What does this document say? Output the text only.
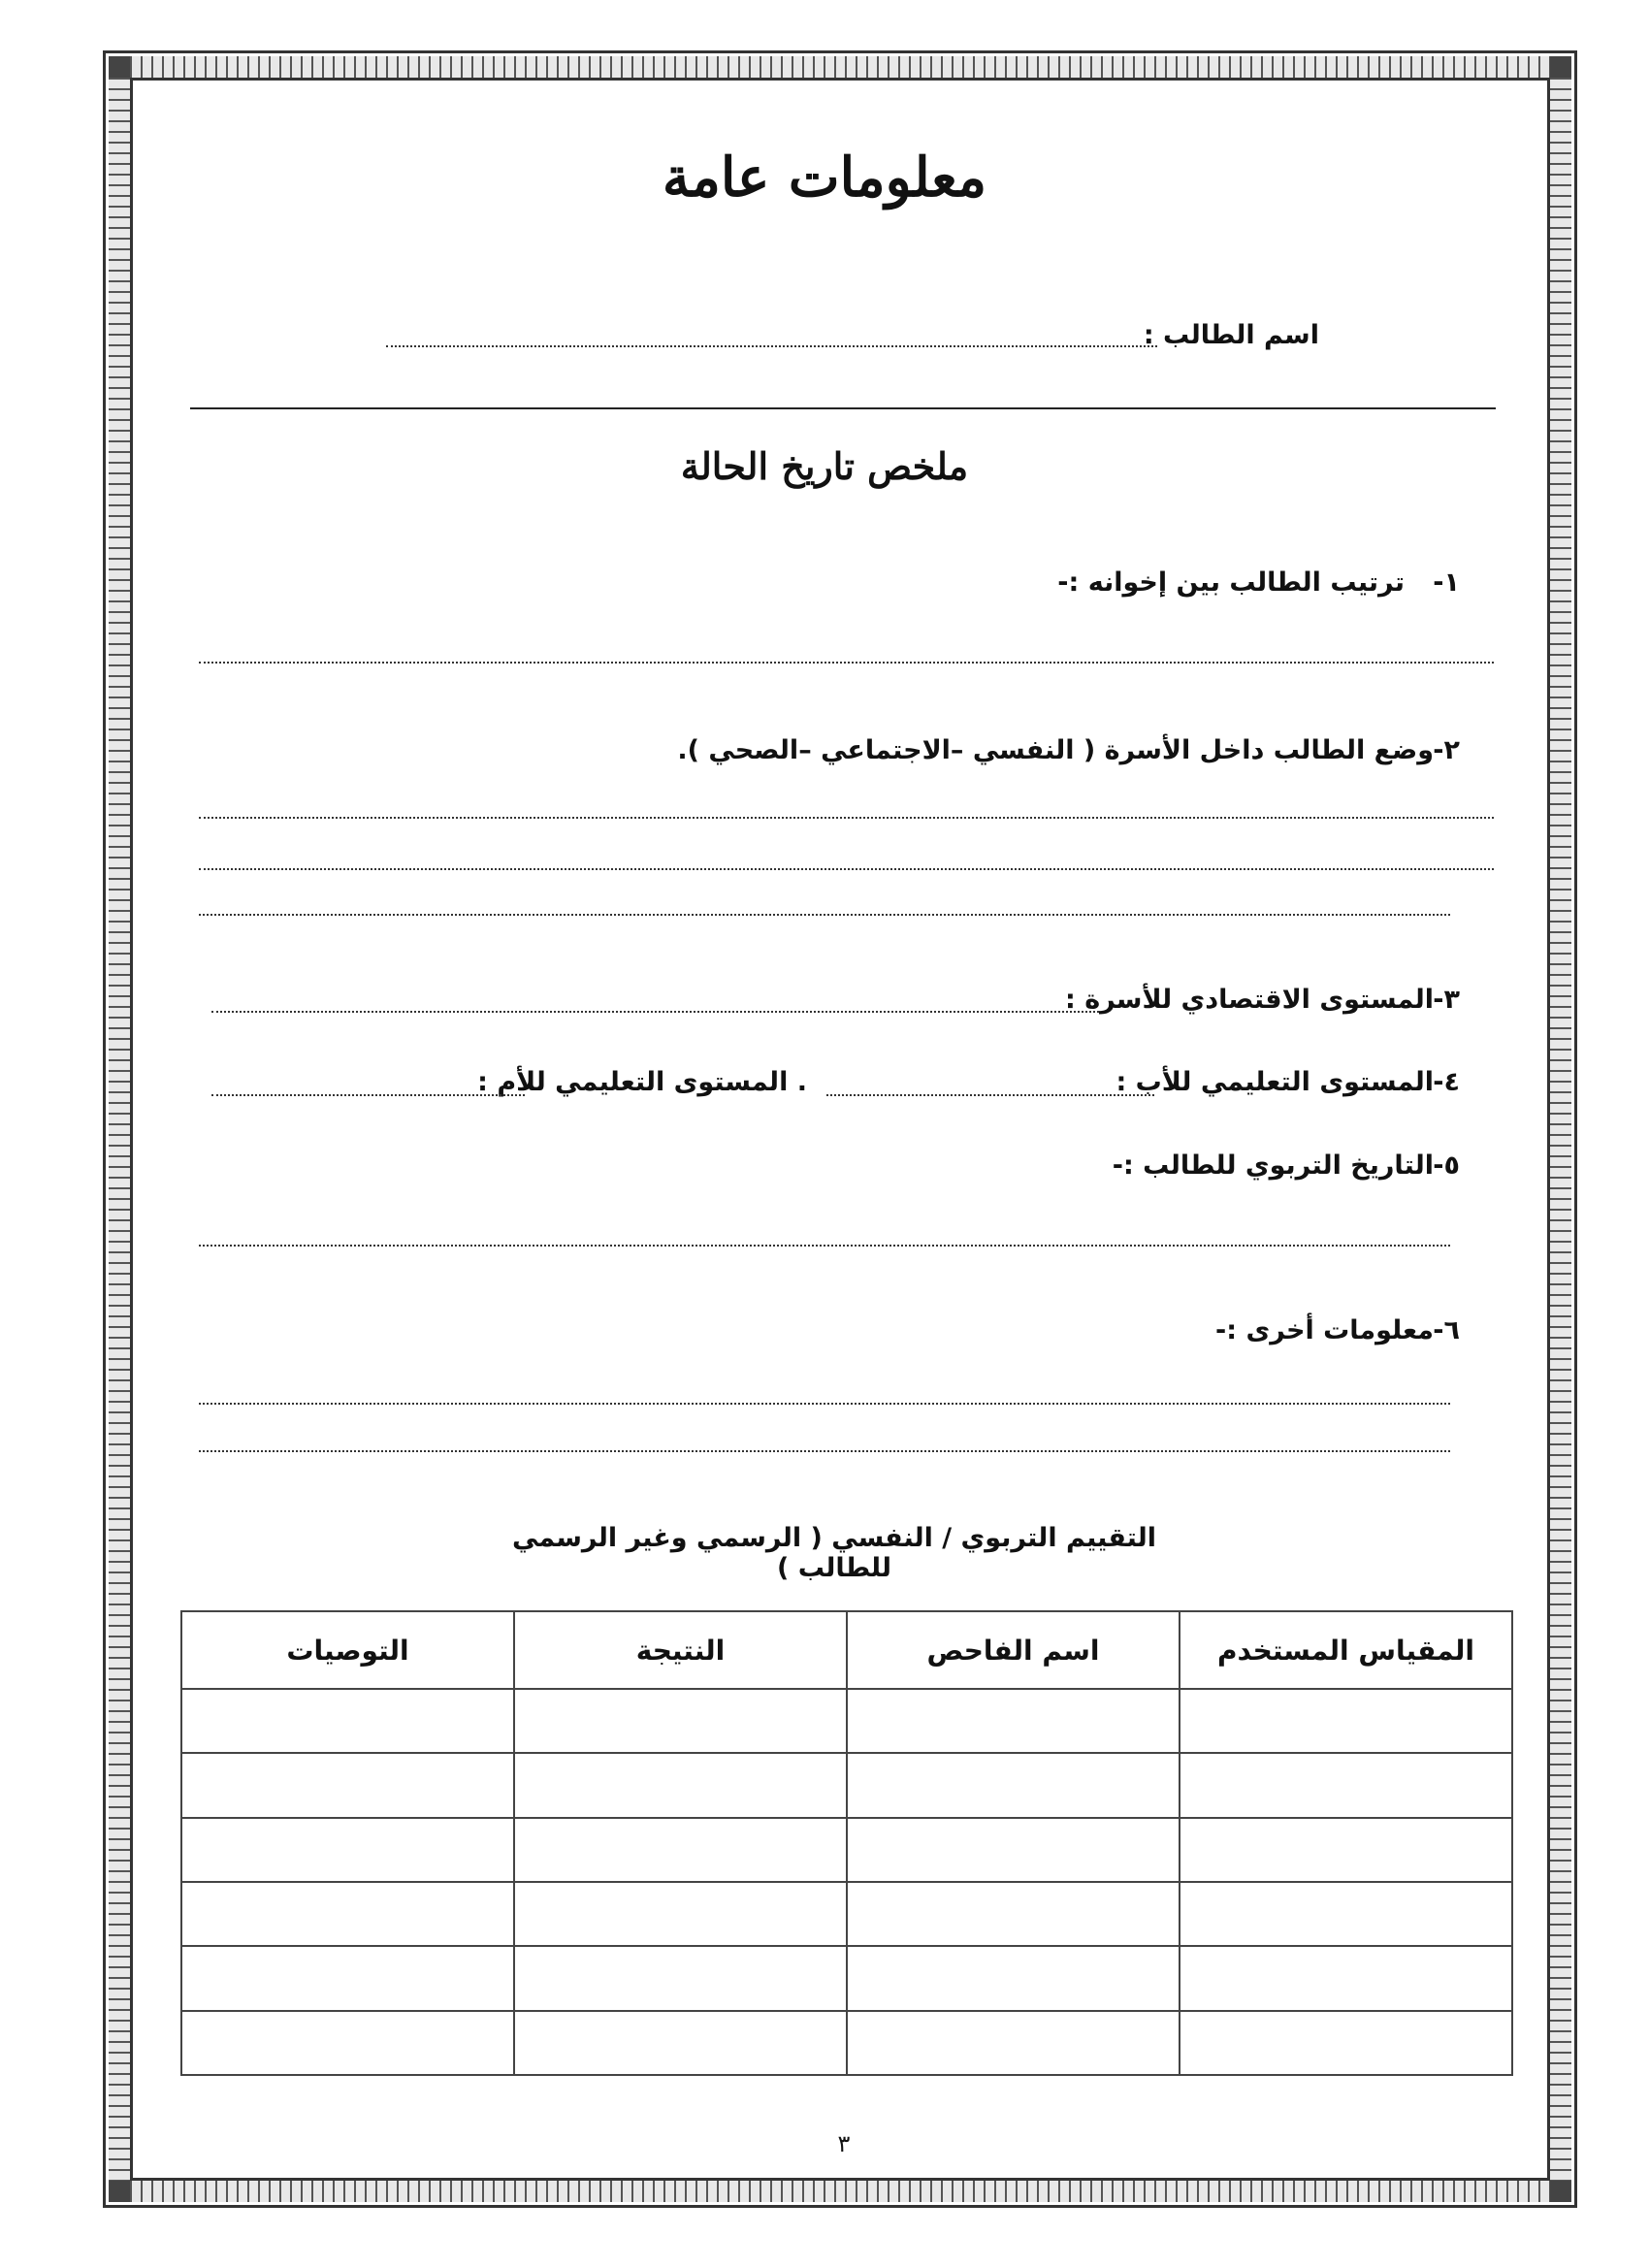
معلومات عامة
اسم الطالب :
ملخص تاريخ الحالة
١-
ترتيب الطالب بين إخوانه :-
٢-
وضع الطالب داخل الأسرة ( النفسي –الاجتماعي –الصحي ).
٣-
المستوى الاقتصادي للأسرة :
٤-
المستوى التعليمي للأب :
. المستوى التعليمي للأم :
٥-
التاريخ التربوي للطالب :-
٦-
معلومات أخرى :-
التقييم التربوي / النفسي ( الرسمي وغير الرسمي للطالب )
المقياس المستخدم	اسم الفاحص	النتيجة	التوصيات

٣
